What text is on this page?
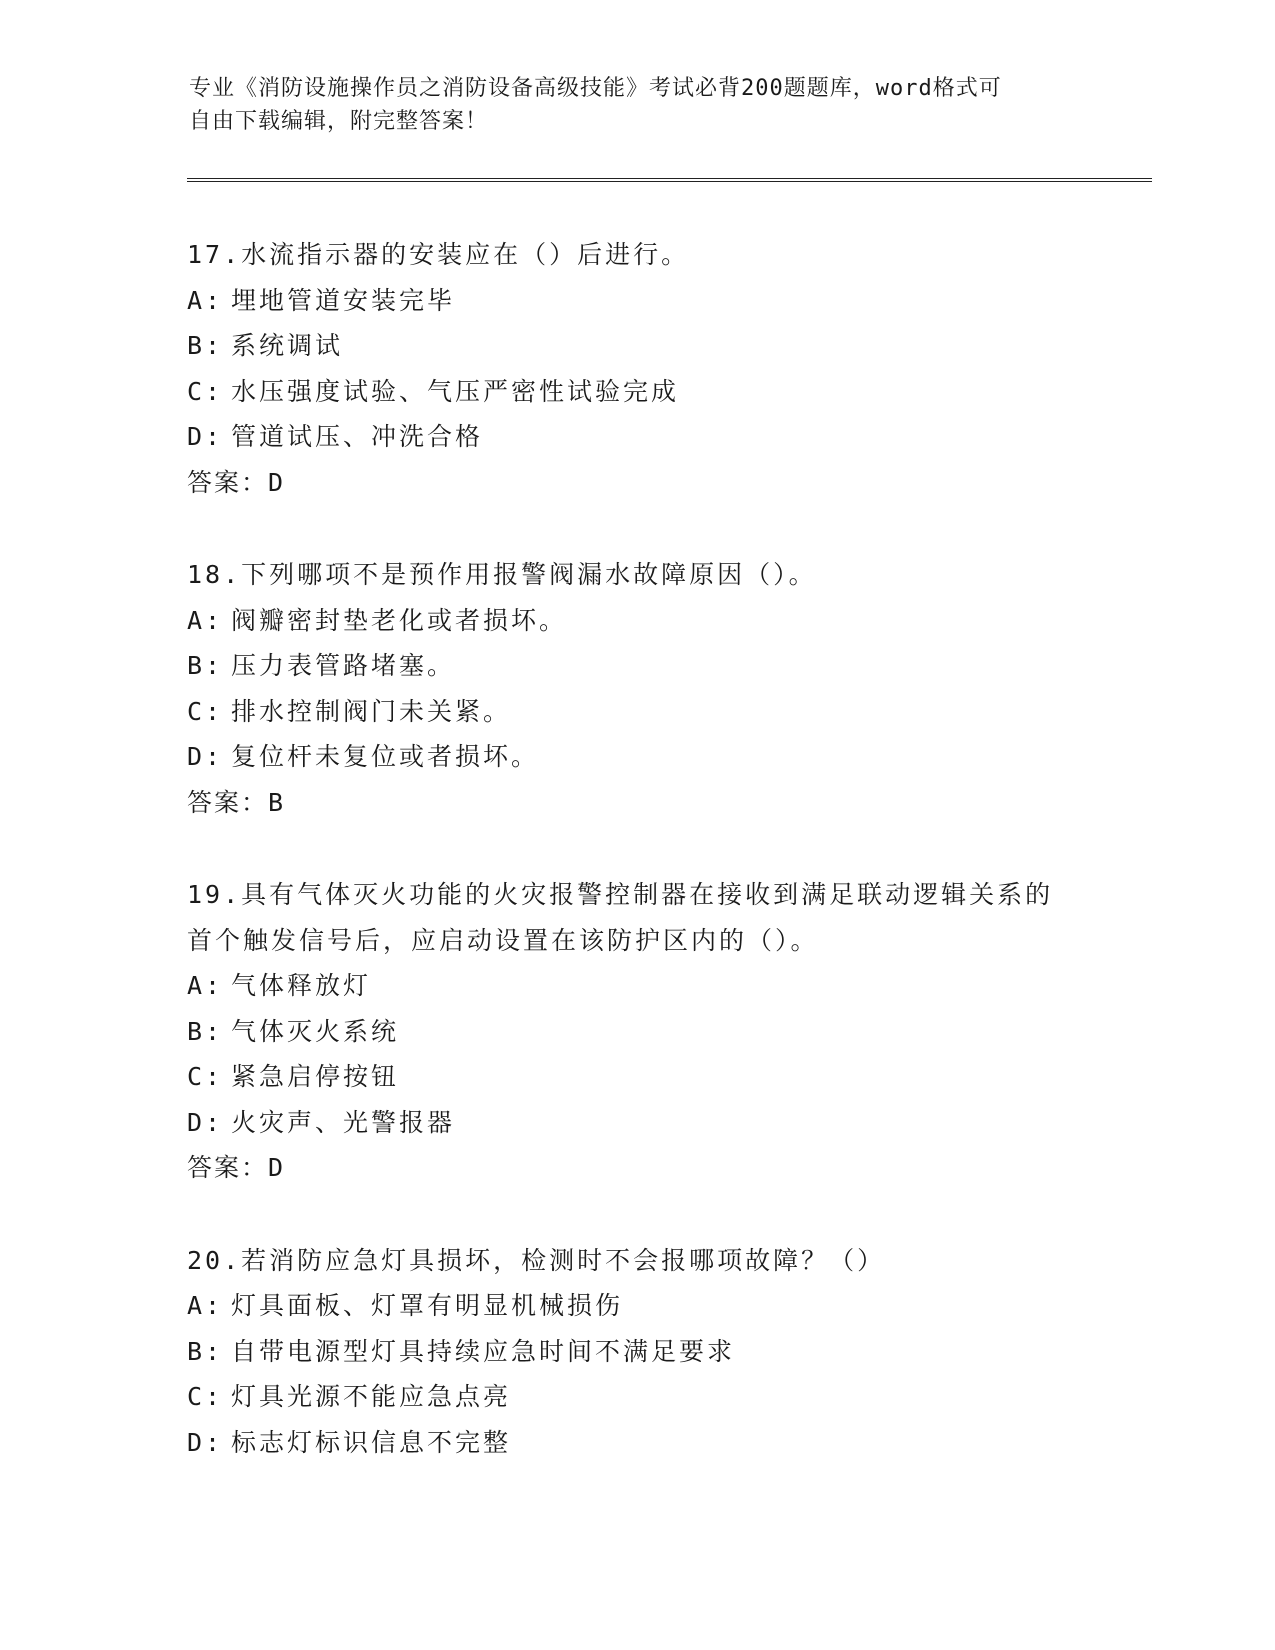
专业《消防设施操作员之消防设备高级技能》考试必背200题题库，word格式可
自由下载编辑，附完整答案！
17.水流指示器的安装应在（）后进行。
A: 埋地管道安装完毕
B: 系统调试
C: 水压强度试验、气压严密性试验完成
D: 管道试压、冲洗合格
答案：D
18.下列哪项不是预作用报警阀漏水故障原因（）。
A: 阀瓣密封垫老化或者损坏。
B: 压力表管路堵塞。
C: 排水控制阀门未关紧。
D: 复位杆未复位或者损坏。
答案：B
19.具有气体灭火功能的火灾报警控制器在接收到满足联动逻辑关系的
首个触发信号后，应启动设置在该防护区内的（）。
A: 气体释放灯
B: 气体灭火系统
C: 紧急启停按钮
D: 火灾声、光警报器
答案：D
20.若消防应急灯具损坏，检测时不会报哪项故障？（）
A: 灯具面板、灯罩有明显机械损伤
B: 自带电源型灯具持续应急时间不满足要求
C: 灯具光源不能应急点亮
D: 标志灯标识信息不完整
